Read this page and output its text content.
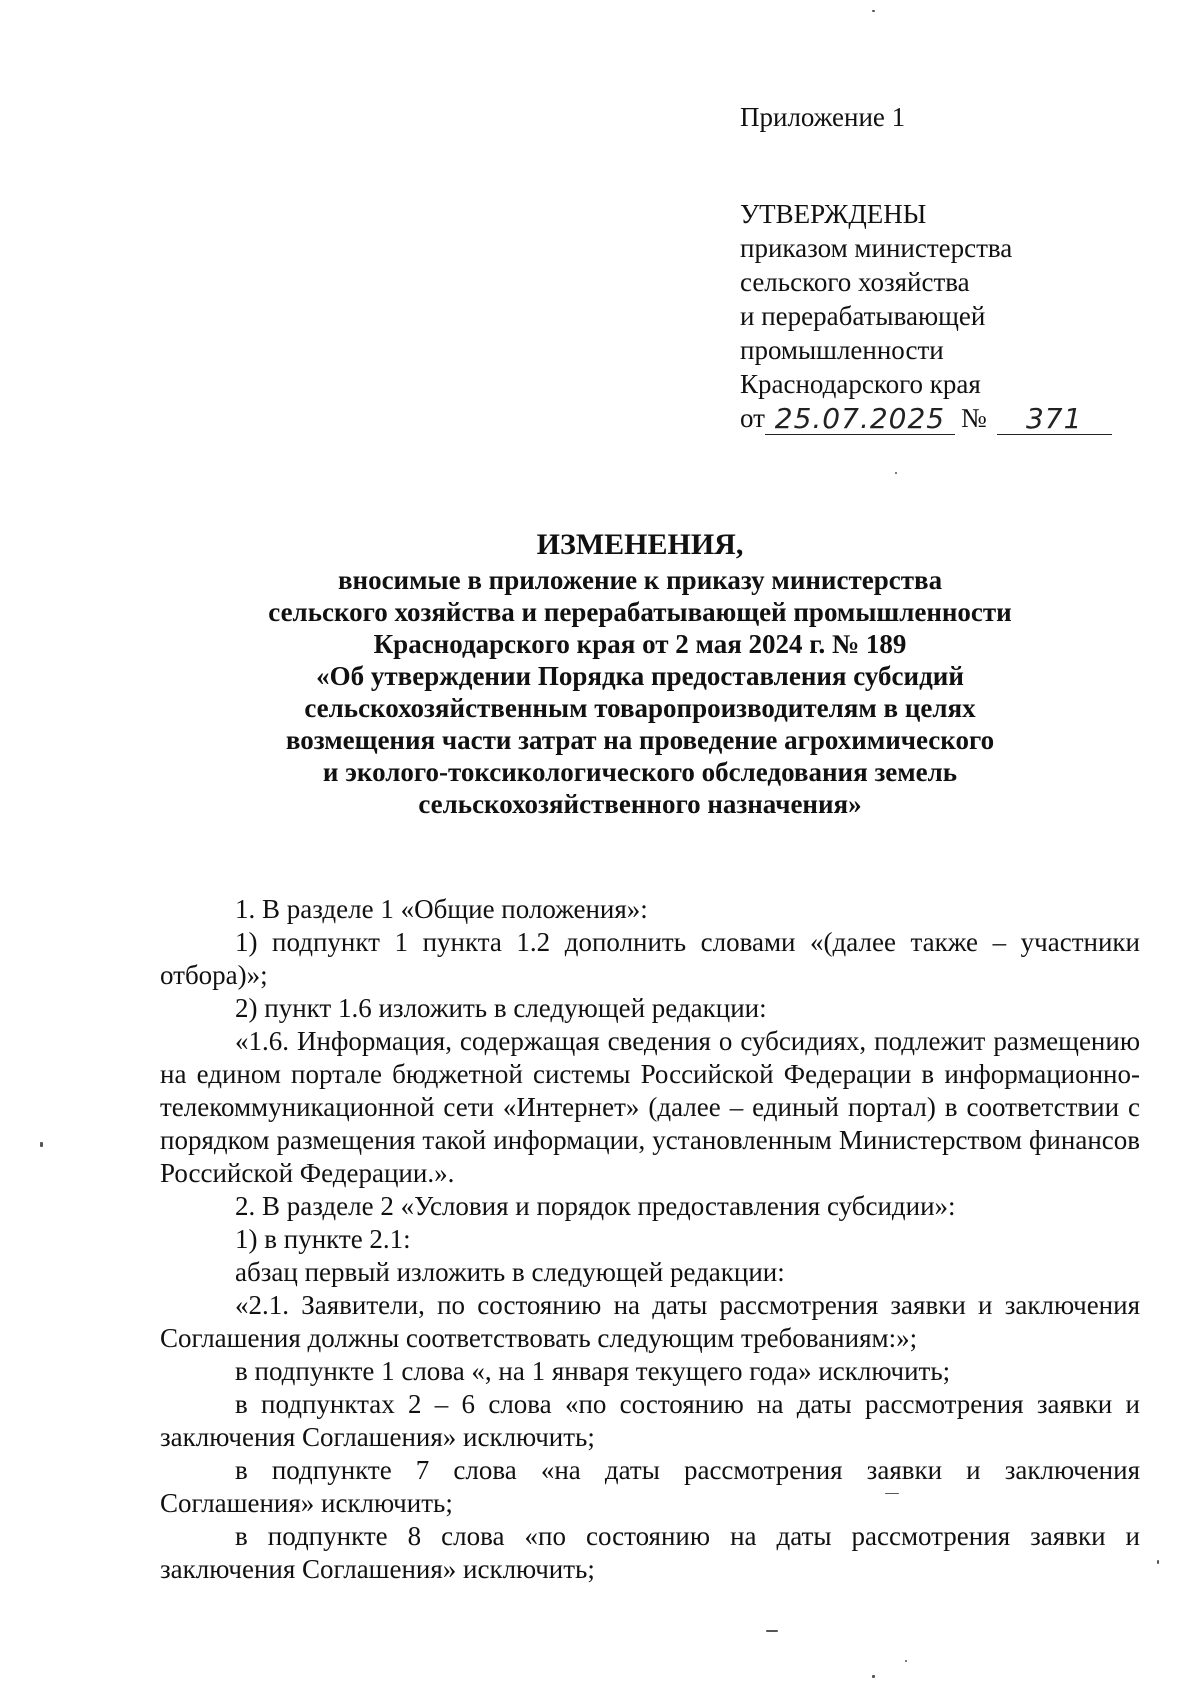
Приложение 1

УТВЕРЖДЕНЫ

приказом министерства

сельского хозяйства

и перерабатывающей

промышленности

Краснодарского края

от 25.07.2025 №	371

ИЗМЕНЕНИЯ,

вносимые в приложение к приказу министерства

сельского хозяйства и перерабатывающей промышленности

Краснодарского края от 2 мая 2024 г. № 189

«Об утверждении Порядка предоставления субсидий

сельскохозяйственным товаропроизводителям в целях

возмещения части затрат на проведение агрохимического

и эколого-токсикологического обследования земель

сельскохозяйственного назначения»

1. В разделе 1 «Общие положения»:

1) подпункт 1 пункта 1.2 дополнить словами «(далее также – участники отбора)»;

2) пункт 1.6 изложить в следующей редакции:

«1.6. Информация, содержащая сведения о субсидиях, подлежит размещению на едином портале бюджетной системы Российской Федерации в информационно-телекоммуникационной сети «Интернет» (далее – единый портал) в соответствии с порядком размещения такой информации, установленным Министерством финансов Российской Федерации.».

2. В разделе 2 «Условия и порядок предоставления субсидии»:

1) в пункте 2.1:

абзац первый изложить в следующей редакции:

«2.1. Заявители, по состоянию на даты рассмотрения заявки и заключения Соглашения должны соответствовать следующим требованиям:»;

в подпункте 1 слова «, на 1 января текущего года» исключить;

в подпунктах 2 – 6 слова «по состоянию на даты рассмотрения заявки и заключения Соглашения» исключить;

в подпункте 7 слова «на даты рассмотрения заявки и заключения Соглашения» исключить;

в подпункте 8 слова «по состоянию на даты рассмотрения заявки и заключения Соглашения» исключить;
